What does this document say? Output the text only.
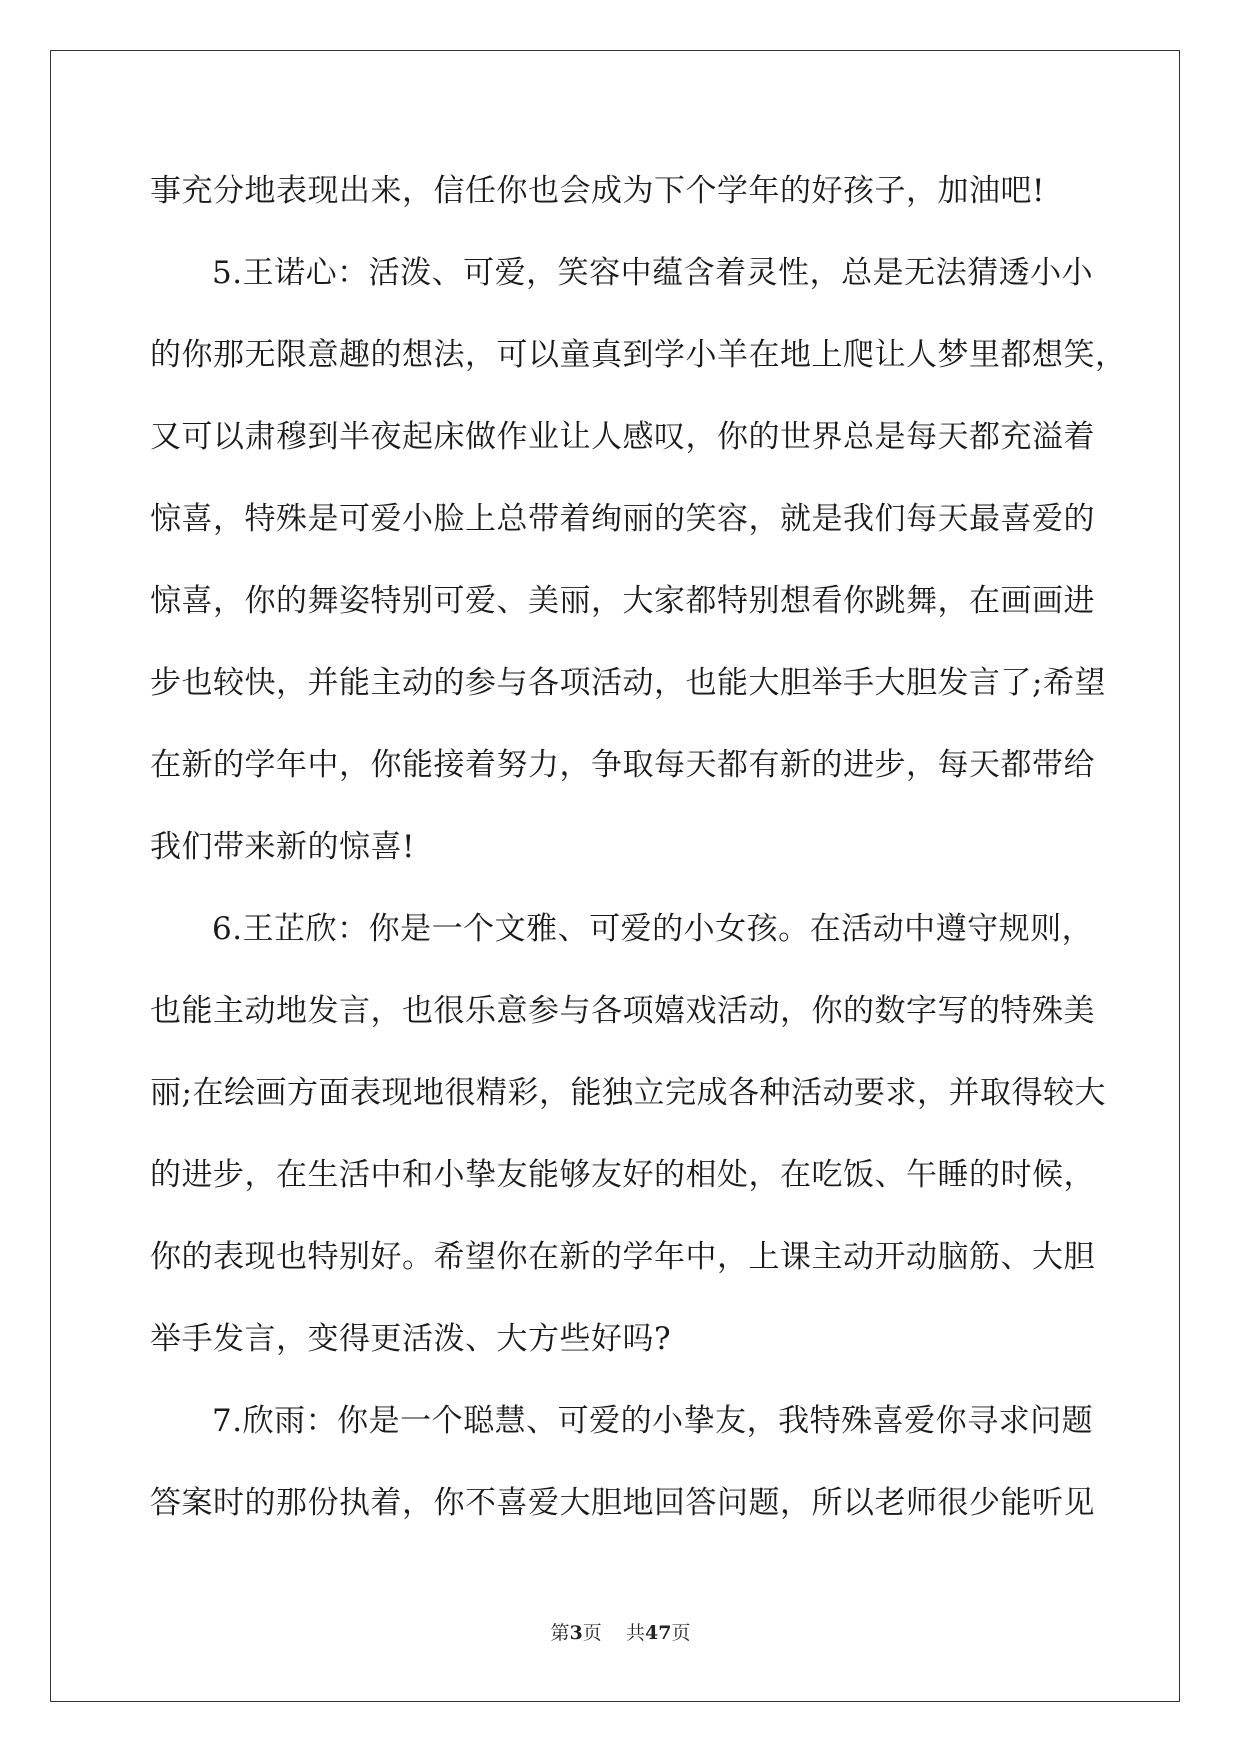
事充分地表现出来，信任你也会成为下个学年的好孩子，加油吧!
5.王诺心：活泼、可爱，笑容中蕴含着灵性，总是无法猜透小小
的你那无限意趣的想法，可以童真到学小羊在地上爬让人梦里都想笑，
又可以肃穆到半夜起床做作业让人感叹，你的世界总是每天都充溢着
惊喜，特殊是可爱小脸上总带着绚丽的笑容，就是我们每天最喜爱的
惊喜，你的舞姿特别可爱、美丽，大家都特别想看你跳舞，在画画进
步也较快，并能主动的参与各项活动，也能大胆举手大胆发言了;希望
在新的学年中，你能接着努力，争取每天都有新的进步，每天都带给
我们带来新的惊喜!
6.王芷欣：你是一个文雅、可爱的小女孩。在活动中遵守规则，
也能主动地发言，也很乐意参与各项嬉戏活动，你的数字写的特殊美
丽;在绘画方面表现地很精彩，能独立完成各种活动要求，并取得较大
的进步，在生活中和小挚友能够友好的相处，在吃饭、午睡的时候，
你的表现也特别好。希望你在新的学年中，上课主动开动脑筋、大胆
举手发言，变得更活泼、大方些好吗?
7.欣雨：你是一个聪慧、可爱的小挚友，我特殊喜爱你寻求问题
答案时的那份执着，你不喜爱大胆地回答问题，所以老师很少能听见
第3页 共47页
